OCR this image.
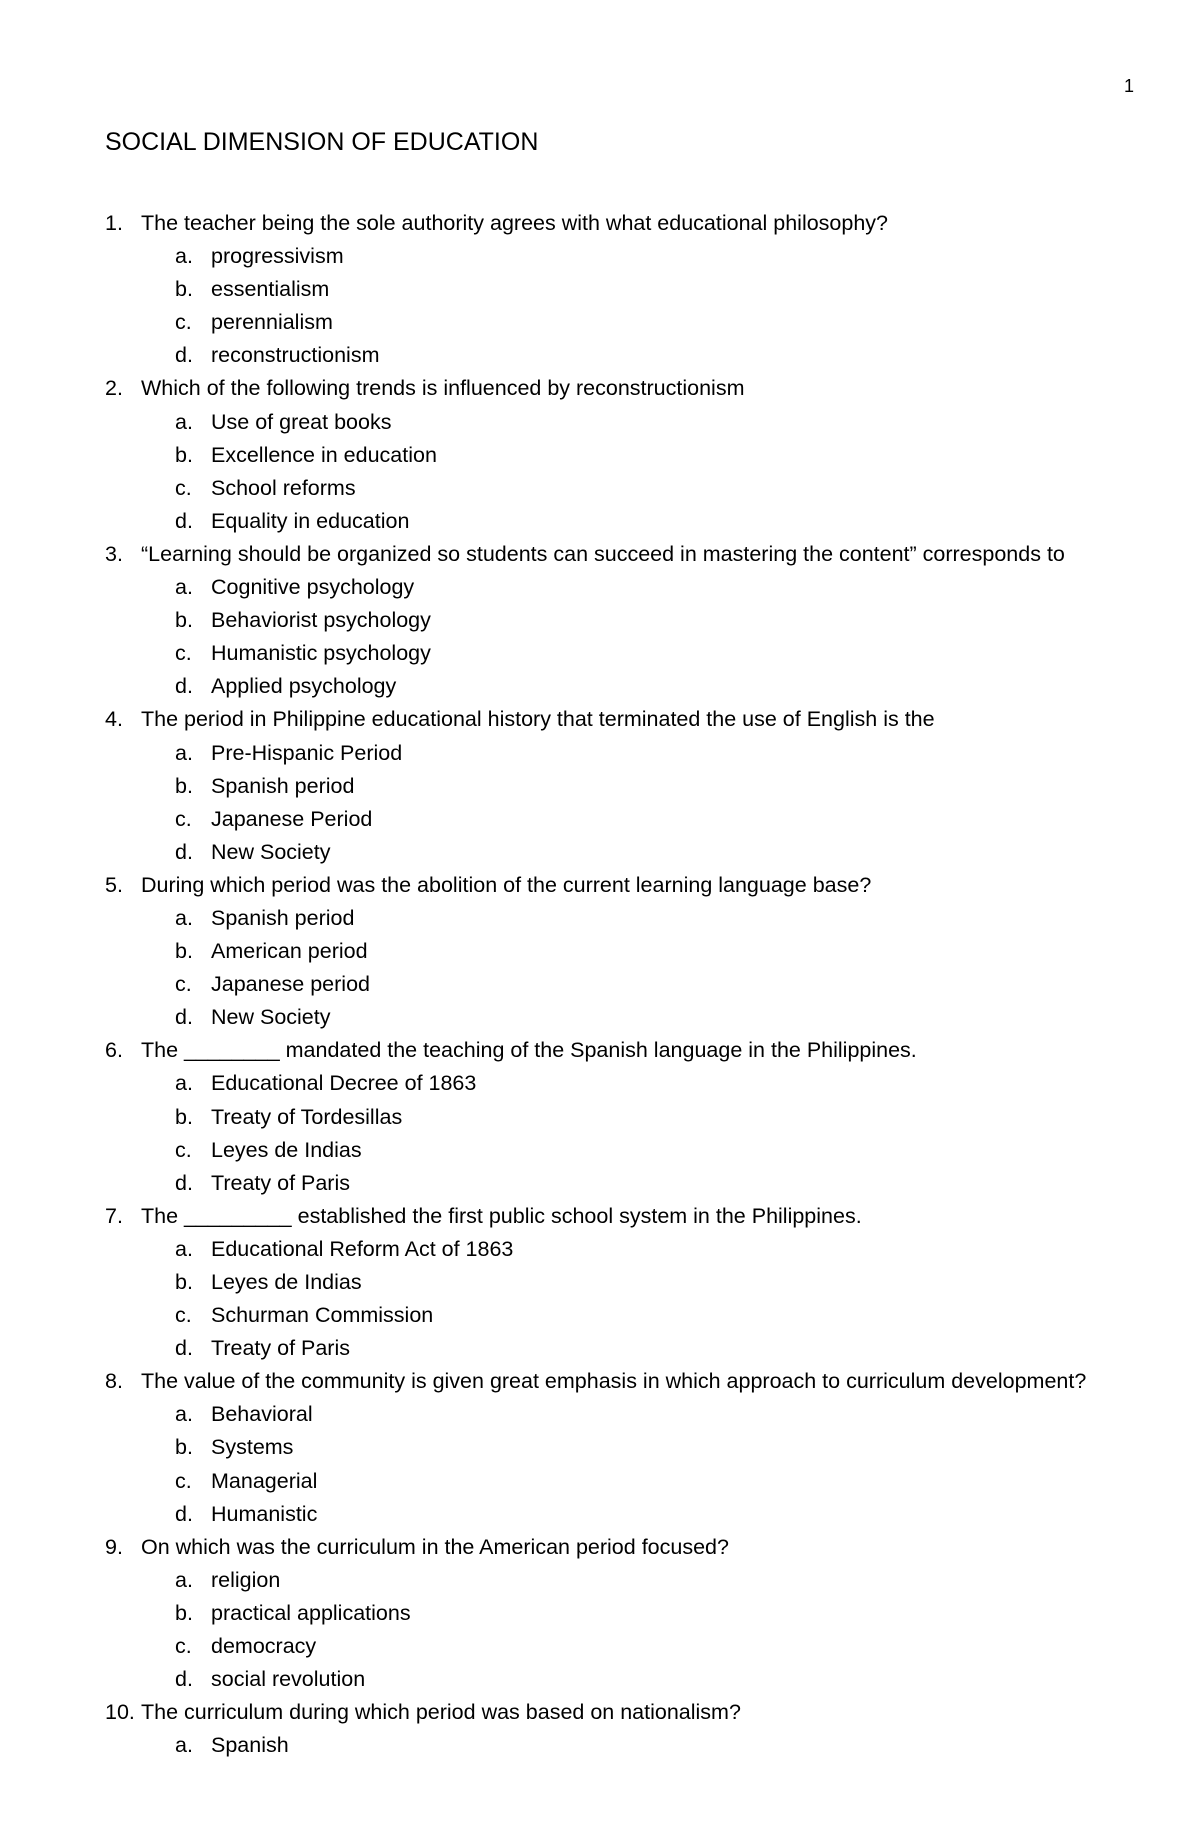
1
SOCIAL DIMENSION OF EDUCATION
1. The teacher being the sole authority agrees with what educational philosophy?
a. progressivism
b. essentialism
c. perennialism
d. reconstructionism
2. Which of the following trends is influenced by reconstructionism
a. Use of great books
b. Excellence in education
c. School reforms
d. Equality in education
3. “Learning should be organized so students can succeed in mastering the content” corresponds to
a. Cognitive psychology
b. Behaviorist psychology
c. Humanistic psychology
d. Applied psychology
4. The period in Philippine educational history that terminated the use of English is the
a. Pre-Hispanic Period
b. Spanish period
c. Japanese Period
d. New Society
5. During which period was the abolition of the current learning language base?
a. Spanish period
b. American period
c. Japanese period
d. New Society
6. The ________ mandated the teaching of the Spanish language in the Philippines.
a. Educational Decree of 1863
b. Treaty of Tordesillas
c. Leyes de Indias
d. Treaty of Paris
7. The _________ established the first public school system in the Philippines.
a. Educational Reform Act of 1863
b. Leyes de Indias
c. Schurman Commission
d. Treaty of Paris
8. The value of the community is given great emphasis in which approach to curriculum development?
a. Behavioral
b. Systems
c. Managerial
d. Humanistic
9. On which was the curriculum in the American period focused?
a. religion
b. practical applications
c. democracy
d. social revolution
10. The curriculum during which period was based on nationalism?
a. Spanish
